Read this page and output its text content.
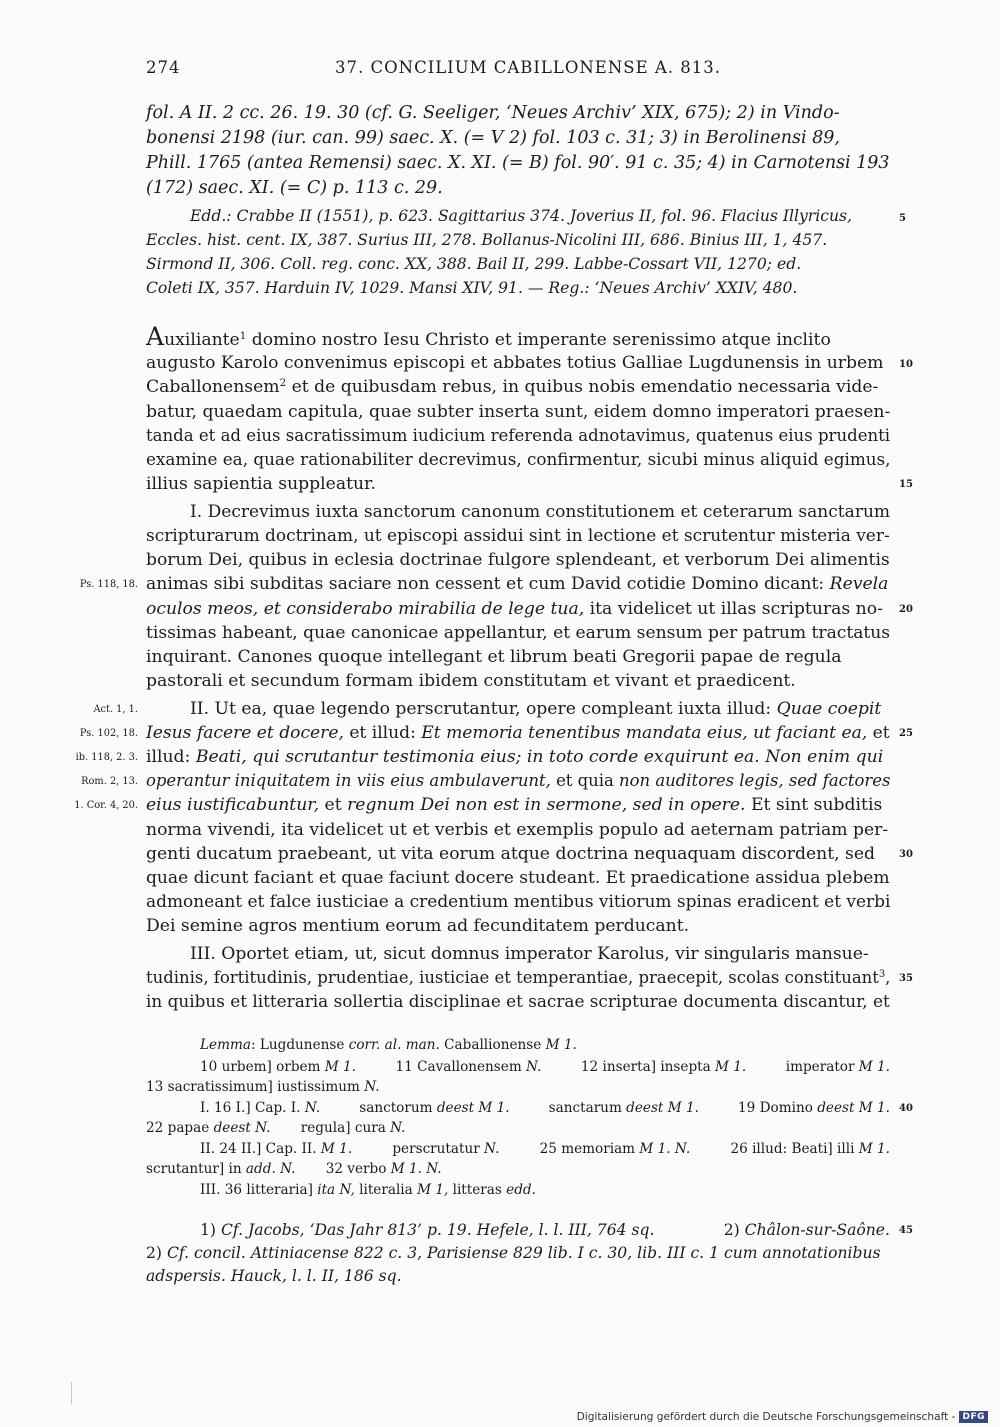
274	37. CONCILIUM CABILLONENSE A. 813.
fol. A II. 2 cc. 26. 19. 30 (cf. G. Seeliger, ‘Neues Archiv’ XIX, 675); 2) in Vindo-
bonensi 2198 (iur. can. 99) saec. X. (= V 2) fol. 103 c. 31; 3) in Berolinensi 89,
Phill. 1765 (antea Remensi) saec. X. XI. (= B) fol. 90′. 91 c. 35; 4) in Carnotensi 193
(172) saec. XI. (= C) p. 113 c. 29.
Edd.: Crabbe II (1551), p. 623. Sagittarius 374. Joverius II, fol. 96. Flacius Illyricus,
Eccles. hist. cent. IX, 387. Surius III, 278. Bollanus-Nicolini III, 686. Binius III, 1, 457.
Sirmond II, 306. Coll. reg. conc. XX, 388. Bail II, 299. Labbe-Cossart VII, 1270; ed.
Coleti IX, 357. Harduin IV, 1029. Mansi XIV, 91. — Reg.: ‘Neues Archiv’ XXIV, 480.
5
Auxiliante$^1$ domino nostro Iesu Christo et imperante serenissimo atque inclito
augusto Karolo convenimus episcopi et abbates totius Galliae Lugdunensis in urbem
Caballonensem$^2$ et de quibusdam rebus, in quibus nobis emendatio necessaria vide-
batur, quaedam capitula, quae subter inserta sunt, eidem domno imperatori praesen-
tanda et ad eius sacratissimum iudicium referenda adnotavimus, quatenus eius prudenti
examine ea, quae rationabiliter decrevimus, confirmentur, sicubi minus aliquid egimus,
illius sapientia suppleatur.
10
15
I. Decrevimus iuxta sanctorum canonum constitutionem et ceterarum sanctarum
scripturarum doctrinam, ut episcopi assidui sint in lectione et scrutentur misteria ver-
borum Dei, quibus in eclesia doctrinae fulgore splendeant, et verborum Dei alimentis
animas sibi subditas saciare non cessent et cum David cotidie Domino dicant: Revela
oculos meos, et considerabo mirabilia de lege tua, ita videlicet ut illas scripturas no-
tissimas habeant, quae canonicae appellantur, et earum sensum per patrum tractatus
inquirant. Canones quoque intellegant et librum beati Gregorii papae de regula
pastorali et secundum formam ibidem constitutam et vivant et praedicent.
Ps. 118, 18.
20
II. Ut ea, quae legendo perscrutantur, opere compleant iuxta illud: Quae coepit
Iesus facere et docere, et illud: Et memoria tenentibus mandata eius, ut faciant ea, et
illud: Beati, qui scrutantur testimonia eius; in toto corde exquirunt ea. Non enim qui
operantur iniquitatem in viis eius ambulaverunt, et quia non auditores legis, sed factores
eius iustificabuntur, et regnum Dei non est in sermone, sed in opere. Et sint subditis
norma vivendi, ita videlicet ut et verbis et exemplis populo ad aeternam patriam per-
genti ducatum praebeant, ut vita eorum atque doctrina nequaquam discordent, sed
quae dicunt faciant et quae faciunt docere studeant. Et praedicatione assidua plebem
admoneant et falce iusticiae a credentium mentibus vitiorum spinas eradicent et verbi
Dei semine agros mentium eorum ad fecunditatem perducant.
Act. 1, 1.
Ps. 102, 18.
ib. 118, 2. 3.
Rom. 2, 13.
1. Cor. 4, 20.
25
30
III. Oportet etiam, ut, sicut domnus imperator Karolus, vir singularis mansue-
tudinis, fortitudinis, prudentiae, iusticiae et temperantiae, praecepit, scolas constituant$^3$,
in quibus et litteraria sollertia disciplinae et sacrae scripturae documenta discantur, et
35
Lemma: Lugdunense corr. al. man. Caballionense M 1.
10 urbem] orbem M 1.	11 Cavallonensem N.	12 inserta] insepta M 1.	imperator M 1.
13 sacratissimum] iustissimum N.
I. 16 I.] Cap. I. N.	sanctorum deest M 1.	sanctarum deest M 1.	19 Domino deest M 1.
22 papae deest N. regula] cura N.
II. 24 II.] Cap. II. M 1.	perscrutatur N.	25 memoriam M 1. N.	26 illud: Beati] illi M 1.
scrutantur] in add. N. 32 verbo M 1. N.
III. 36 litteraria] ita N, literalia M 1, litteras edd.
40
1) Cf. Jacobs, ‘Das Jahr 813’ p. 19. Hefele, l. l. III, 764 sq.	2) Châlon-sur-Saône.
2) Cf. concil. Attiniacense 822 c. 3, Parisiense 829 lib. I c. 30, lib. III c. 1 cum annotationibus
adspersis. Hauck, l. l. II, 186 sq.
45
Digitalisierung gefördert durch die Deutsche Forschungsgemeinschaft - DFG
